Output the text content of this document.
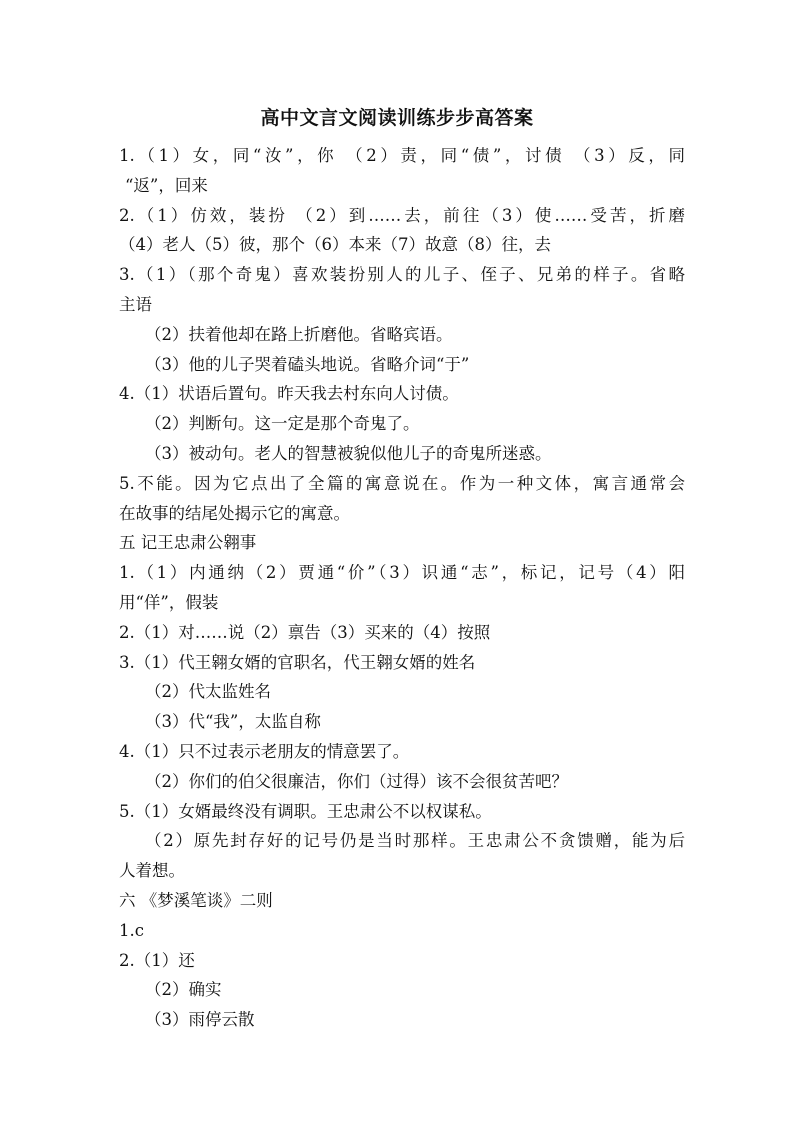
高中文言文阅读训练步步高答案
1.（1）女，同“汝”，你 （2）责，同“债”，讨债 （3）反，同
“返”，回来
2.（1）仿效，装扮 （2）到……去，前往（3）使……受苦，折磨
（4）老人（5）彼，那个（6）本来（7）故意（8）往，去
3.（1）（那个奇鬼）喜欢装扮别人的儿子、侄子、兄弟的样子。省略
主语
（2）扶着他却在路上折磨他。省略宾语。
（3）他的儿子哭着磕头地说。省略介词“于”
4.（1）状语后置句。昨天我去村东向人讨债。
（2）判断句。这一定是那个奇鬼了。
（3）被动句。老人的智慧被貌似他儿子的奇鬼所迷惑。
5.不能。因为它点出了全篇的寓意说在。作为一种文体，寓言通常会
在故事的结尾处揭示它的寓意。
五 记王忠肃公翱事
1.（1）内通纳（2）贾通“价”（3）识通“志”，标记，记号（4）阳
用“佯”，假装
2.（1）对……说（2）禀告（3）买来的（4）按照
3.（1）代王翱女婿的官职名，代王翱女婿的姓名
（2）代太监姓名
（3）代“我”，太监自称
4.（1）只不过表示老朋友的情意罢了。
（2）你们的伯父很廉洁，你们（过得）该不会很贫苦吧？
5.（1）女婿最终没有调职。王忠肃公不以权谋私。
（2）原先封存好的记号仍是当时那样。王忠肃公不贪馈赠，能为后
人着想。
六 《梦溪笔谈》二则
1.c
2.（1）还
（2）确实
（3）雨停云散
